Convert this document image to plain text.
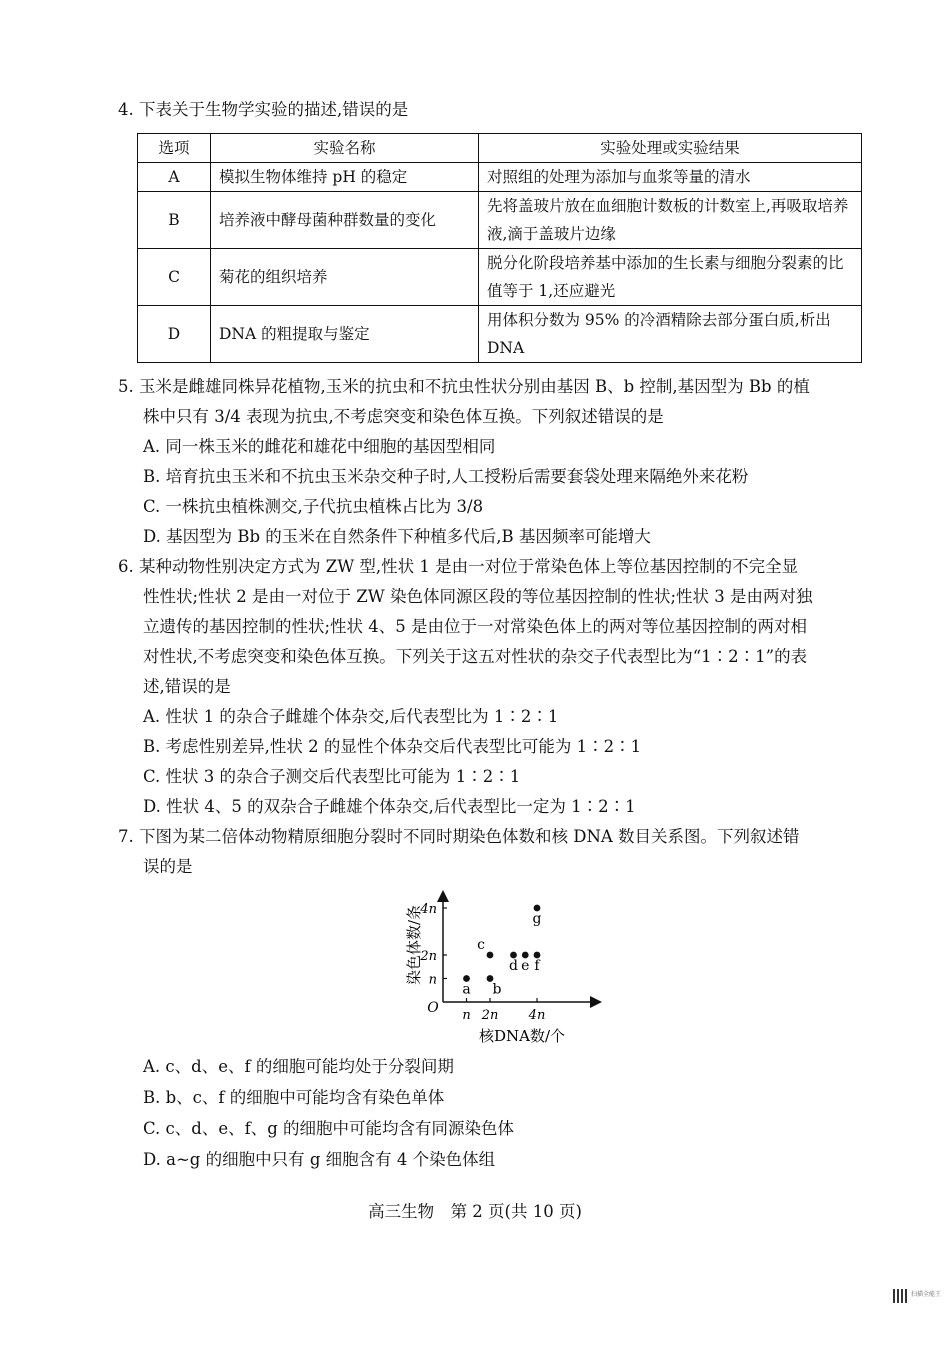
4. 下表关于生物学实验的描述,错误的是
选项	实验名称	实验处理或实验结果
A	模拟生物体维持 pH 的稳定	对照组的处理为添加与血浆等量的清水
B	培养液中酵母菌种群数量的变化	先将盖玻片放在血细胞计数板的计数室上,再吸取培养液,滴于盖玻片边缘
C	菊花的组织培养	脱分化阶段培养基中添加的生长素与细胞分裂素的比值等于 1,还应避光
D	DNA 的粗提取与鉴定	用体积分数为 95% 的冷酒精除去部分蛋白质,析出 DNA
5. 玉米是雌雄同株异花植物,玉米的抗虫和不抗虫性状分别由基因 B、b 控制,基因型为 Bb 的植
株中只有 3/4 表现为抗虫,不考虑突变和染色体互换。下列叙述错误的是
A. 同一株玉米的雌花和雄花中细胞的基因型相同
B. 培育抗虫玉米和不抗虫玉米杂交种子时,人工授粉后需要套袋处理来隔绝外来花粉
C. 一株抗虫植株测交,子代抗虫植株占比为 3/8
D. 基因型为 Bb 的玉米在自然条件下种植多代后,B 基因频率可能增大
6. 某种动物性别决定方式为 ZW 型,性状 1 是由一对位于常染色体上等位基因控制的不完全显
性性状;性状 2 是由一对位于 ZW 染色体同源区段的等位基因控制的性状;性状 3 是由两对独
立遗传的基因控制的性状;性状 4、5 是由位于一对常染色体上的两对等位基因控制的两对相
对性状,不考虑突变和染色体互换。下列关于这五对性状的杂交子代表型比为“1∶2∶1”的表
述,错误的是
A. 性状 1 的杂合子雌雄个体杂交,后代表型比为 1∶2∶1
B. 考虑性别差异,性状 2 的显性个体杂交后代表型比可能为 1∶2∶1
C. 性状 3 的杂合子测交后代表型比可能为 1∶2∶1
D. 性状 4、5 的双杂合子雌雄个体杂交,后代表型比一定为 1∶2∶1
7. 下图为某二倍体动物精原细胞分裂时不同时期染色体数和核 DNA 数目关系图。下列叙述错
误的是
染色体数/条
核DNA数/个
O n 2n 4n
n
2n
4n
a b
c
d e f
g
A. c、d、e、f 的细胞可能均处于分裂间期
B. b、c、f 的细胞中可能均含有染色单体
C. c、d、e、f、g 的细胞中可能均含有同源染色体
D. a~g 的细胞中只有 g 细胞含有 4 个染色体组
高三生物　第 2 页(共 10 页)
扫描全能王
